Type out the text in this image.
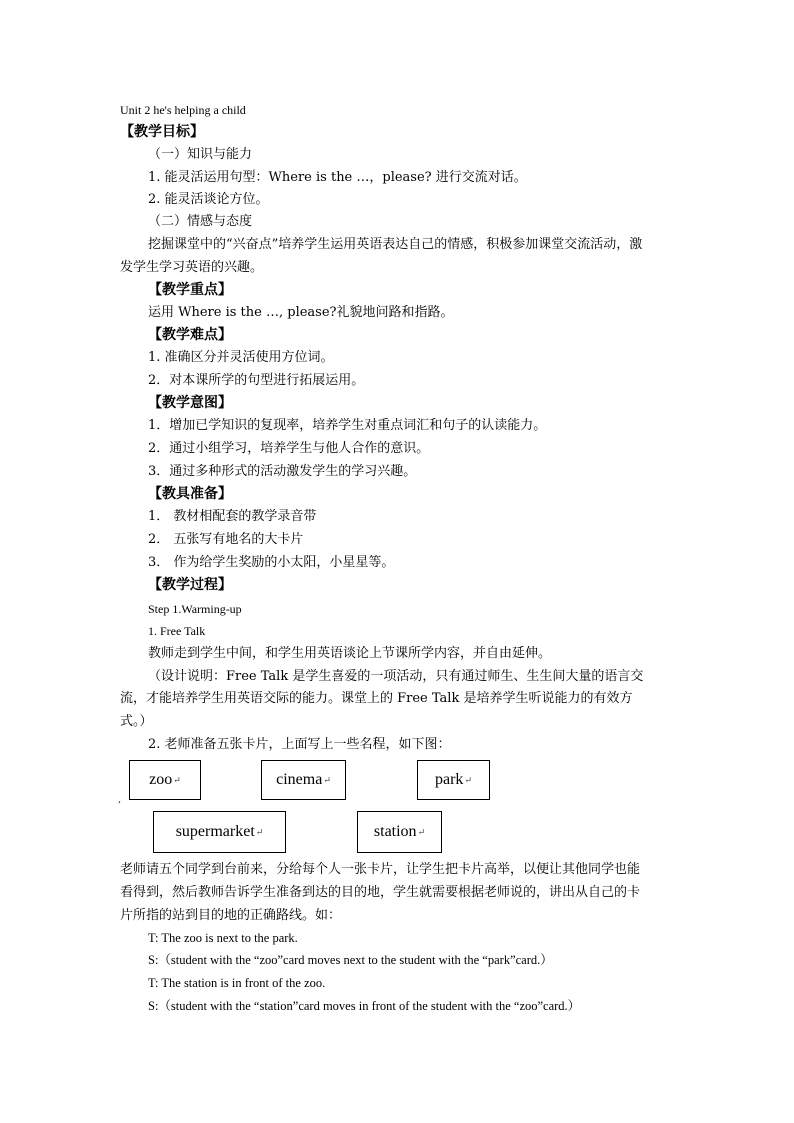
Unit 2 he's helping a child
【教学目标】
（一）知识与能力
1. 能灵活运用句型：Where is the …，please? 进行交流对话。
2. 能灵活谈论方位。
（二）情感与态度
挖掘课堂中的“兴奋点”培养学生运用英语表达自己的情感，积极参加课堂交流活动，激
发学生学习英语的兴趣。
【教学重点】
运用 Where is the …, please?礼貌地问路和指路。
【教学难点】
1. 准确区分并灵活使用方位词。
2．对本课所学的句型进行拓展运用。
【教学意图】
1．增加已学知识的复现率，培养学生对重点词汇和句子的认读能力。
2．通过小组学习，培养学生与他人合作的意识。
3．通过多种形式的活动激发学生的学习兴趣。
【教具准备】
1． 教材相配套的教学录音带
2． 五张写有地名的大卡片
3． 作为给学生奖励的小太阳，小星星等。
【教学过程】
Step 1.Warming-up
1. Free Talk
教师走到学生中间，和学生用英语谈论上节课所学内容，并自由延伸。
（设计说明：Free Talk 是学生喜爱的一项活动，只有通过师生、生生间大量的语言交
流，才能培养学生用英语交际的能力。课堂上的 Free Talk 是培养学生听说能力的有效方
式。）
2. 老师准备五张卡片，上面写上一些名程，如下图：
zoo ↵	cinema ↵	park ↵
,
supermarket ↵	station ↵
老师请五个同学到台前来，分给每个人一张卡片，让学生把卡片高举，以便让其他同学也能
看得到，然后教师告诉学生准备到达的目的地，学生就需要根据老师说的，讲出从自己的卡
片所指的站到目的地的正确路线。如：
T: The zoo is next to the park.
S:（student with the “zoo”card moves next to the student with the “park”card.）
T: The station is in front of the zoo.
S:（student with the “station”card moves in front of the student with the “zoo”card.）
